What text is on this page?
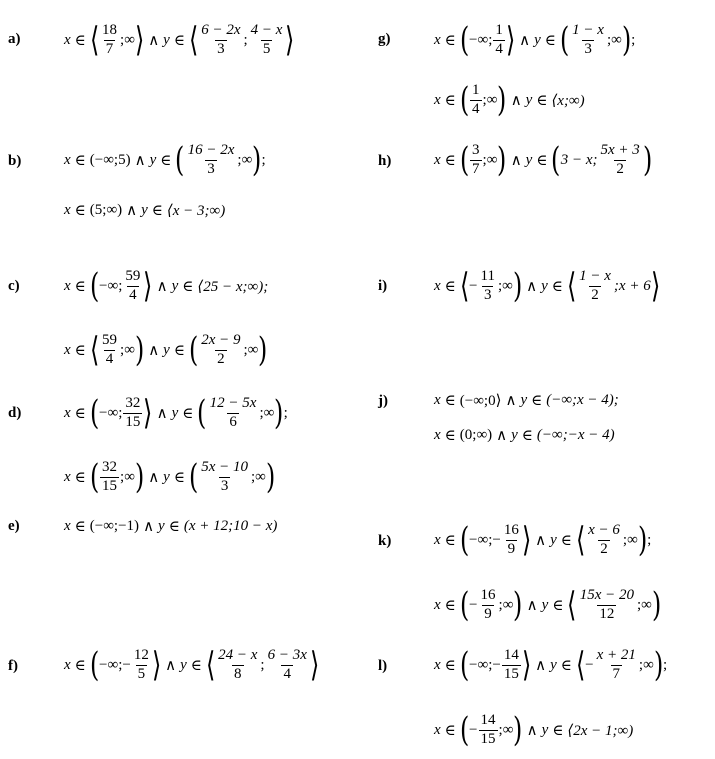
a)	x ∈ ⟨ $\frac{18}{7}$ ; ∞ ⟩ ∧ y ∈ ⟨ $\frac{6 - 2x}{3}$ ; $\frac{4 - x}{5}$ ⟩
b)	x ∈ (−∞;5) ∧ y ∈ ( $\frac{16 - 2x}{3}$ ; ∞ ) ;
x ∈ (5;∞) ∧ y ∈ ⟨x − 3;∞)
c)	x ∈ ( −∞; $\frac{59}{4}$ ⟩ ∧ y ∈ ⟨25 − x;∞);
x ∈ ⟨ $\frac{59}{4}$ ; ∞ ) ∧ y ∈ ( $\frac{2x - 9}{2}$ ; ∞ )
d)	x ∈ ( −∞; $\frac{32}{15}$ ⟩ ∧ y ∈ ( $\frac{12 - 5x}{6}$ ; ∞ ) ;
x ∈ ( $\frac{32}{15}$ ; ∞ ) ∧ y ∈ ( $\frac{5x - 10}{3}$ ; ∞ )
e)	x ∈ (−∞;−1) ∧ y ∈ (x + 12;10 − x)
f)	x ∈ ( −∞; − $\frac{12}{5}$ ⟩ ∧ y ∈ ⟨ $\frac{24 - x}{8}$ ; $\frac{6 - 3x}{4}$ ⟩
g)	x ∈ ( −∞; $\frac{1}{4}$ ⟩ ∧ y ∈ ( $\frac{1 - x}{3}$ ; ∞ ) ;
x ∈ ( $\frac{1}{4}$ ; ∞ ) ∧ y ∈ ⟨x;∞)
h)	x ∈ ( $\frac{3}{7}$ ; ∞ ) ∧ y ∈ ( 3 − x; $\frac{5x + 3}{2}$ )
i)	x ∈ ⟨ − $\frac{11}{3}$ ; ∞ ) ∧ y ∈ ⟨ $\frac{1 - x}{2}$ ;x + 6 ⟩
j)	x ∈ (−∞;0⟩ ∧ y ∈ (−∞;x − 4);
x ∈ (0;∞) ∧ y ∈ (−∞;−x − 4)
k)	x ∈ ( −∞; − $\frac{16}{9}$ ⟩ ∧ y ∈ ⟨ $\frac{x - 6}{2}$ ; ∞ ) ;
x ∈ ( − $\frac{16}{9}$ ; ∞ ) ∧ y ∈ ⟨ $\frac{15x - 20}{12}$ ; ∞ )
l)	x ∈ ( −∞; − $\frac{14}{15}$ ⟩ ∧ y ∈ ⟨ − $\frac{x + 21}{7}$ ; ∞ ) ;
x ∈ ( − $\frac{14}{15}$ ; ∞ ) ∧ y ∈ ⟨2x − 1;∞)
